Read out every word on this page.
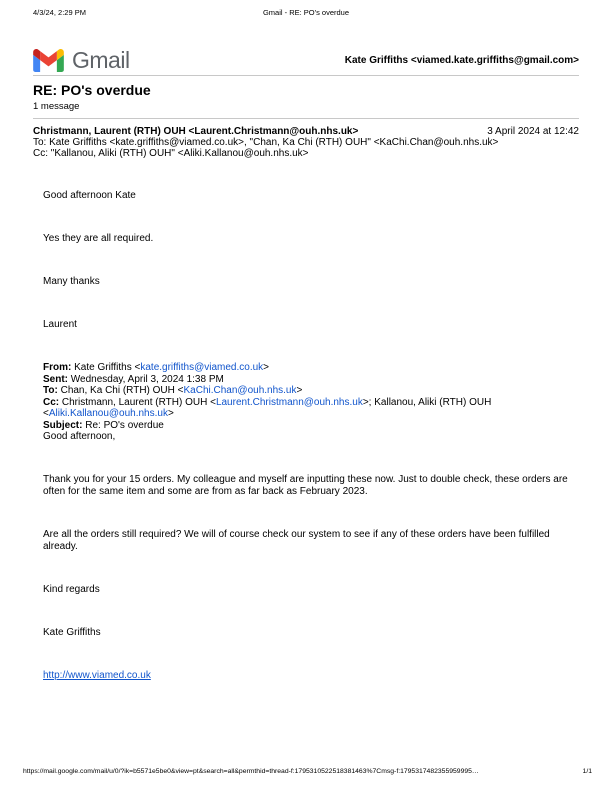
4/3/24, 2:29 PM	Gmail - RE: PO's overdue
Gmail	Kate Griffiths <viamed.kate.griffiths@gmail.com>
RE: PO's overdue
1 message
Christmann, Laurent (RTH) OUH <Laurent.Christmann@ouh.nhs.uk>	3 April 2024 at 12:42
To: Kate Griffiths <kate.griffiths@viamed.co.uk>, "Chan, Ka Chi (RTH) OUH" <KaChi.Chan@ouh.nhs.uk>
Cc: "Kallanou, Aliki (RTH) OUH" <Aliki.Kallanou@ouh.nhs.uk>

Good afternoon Kate

Yes they are all required.

Many thanks

Laurent

From: Kate Griffiths <kate.griffiths@viamed.co.uk>
Sent: Wednesday, April 3, 2024 1:38 PM
To: Chan, Ka Chi (RTH) OUH <KaChi.Chan@ouh.nhs.uk>
Cc: Christmann, Laurent (RTH) OUH <Laurent.Christmann@ouh.nhs.uk>; Kallanou, Aliki (RTH) OUH <Aliki.Kallanou@ouh.nhs.uk>
Subject: Re: PO's overdue

Good afternoon,

Thank you for your 15 orders. My colleague and myself are inputting these now. Just to double check, these orders are often for the same item and some are from as far back as February 2023.

Are all the orders still required? We will of course check our system to see if any of these orders have been fulfilled already.

Kind regards

Kate Griffiths

http://www.viamed.co.uk

https://mail.google.com/mail/u/0/?ik=b5571e5be0&view=pt&search=all&permthid=thread-f:1795310522518381463%7Cmsg-f:1795317482355959995…	1/1
